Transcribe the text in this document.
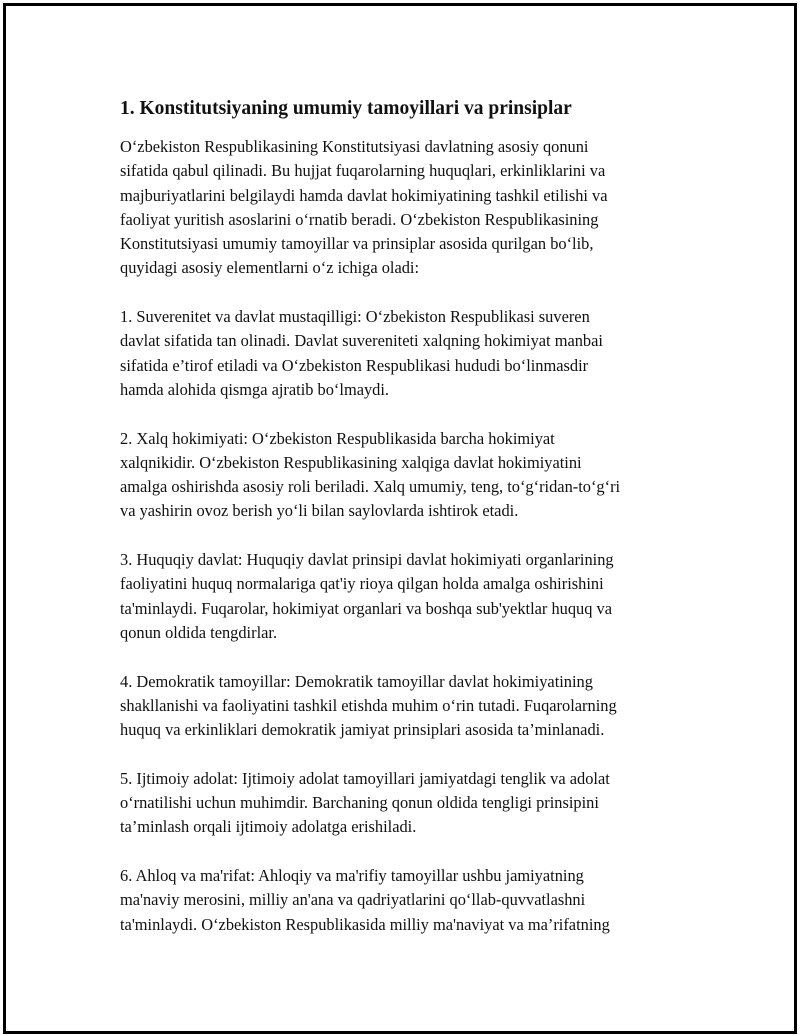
1. Konstitutsiyaning umumiy tamoyillari va prinsiplar

O‘zbekiston Respublikasining Konstitutsiyasi davlatning asosiy qonuni
sifatida qabul qilinadi. Bu hujjat fuqarolarning huquqlari, erkinliklarini va
majburiyatlarini belgilaydi hamda davlat hokimiyatining tashkil etilishi va
faoliyat yuritish asoslarini o‘rnatib beradi. O‘zbekiston Respublikasining
Konstitutsiyasi umumiy tamoyillar va prinsiplar asosida qurilgan bo‘lib,
quyidagi asosiy elementlarni o‘z ichiga oladi:

1. Suverenitet va davlat mustaqilligi: O‘zbekiston Respublikasi suveren
davlat sifatida tan olinadi. Davlat suvereniteti xalqning hokimiyat manbai
sifatida e’tirof etiladi va O‘zbekiston Respublikasi hududi bo‘linmasdir
hamda alohida qismga ajratib bo‘lmaydi.

2. Xalq hokimiyati: O‘zbekiston Respublikasida barcha hokimiyat
xalqnikidir. O‘zbekiston Respublikasining xalqiga davlat hokimiyatini
amalga oshirishda asosiy roli beriladi. Xalq umumiy, teng, to‘g‘ridan-to‘g‘ri
va yashirin ovoz berish yo‘li bilan saylovlarda ishtirok etadi.

3. Huquqiy davlat: Huquqiy davlat prinsipi davlat hokimiyati organlarining
faoliyatini huquq normalariga qat'iy rioya qilgan holda amalga oshirishini
ta'minlaydi. Fuqarolar, hokimiyat organlari va boshqa sub'yektlar huquq va
qonun oldida tengdirlar.

4. Demokratik tamoyillar: Demokratik tamoyillar davlat hokimiyatining
shakllanishi va faoliyatini tashkil etishda muhim o‘rin tutadi. Fuqarolarning
huquq va erkinliklari demokratik jamiyat prinsiplari asosida ta’minlanadi.

5. Ijtimoiy adolat: Ijtimoiy adolat tamoyillari jamiyatdagi tenglik va adolat
o‘rnatilishi uchun muhimdir. Barchaning qonun oldida tengligi prinsipini
ta’minlash orqali ijtimoiy adolatga erishiladi.

6. Ahloq va ma'rifat: Ahloqiy va ma'rifiy tamoyillar ushbu jamiyatning
ma'naviy merosini, milliy an'ana va qadriyatlarini qo‘llab-quvvatlashni
ta'minlaydi. O‘zbekiston Respublikasida milliy ma'naviyat va ma’rifatning
